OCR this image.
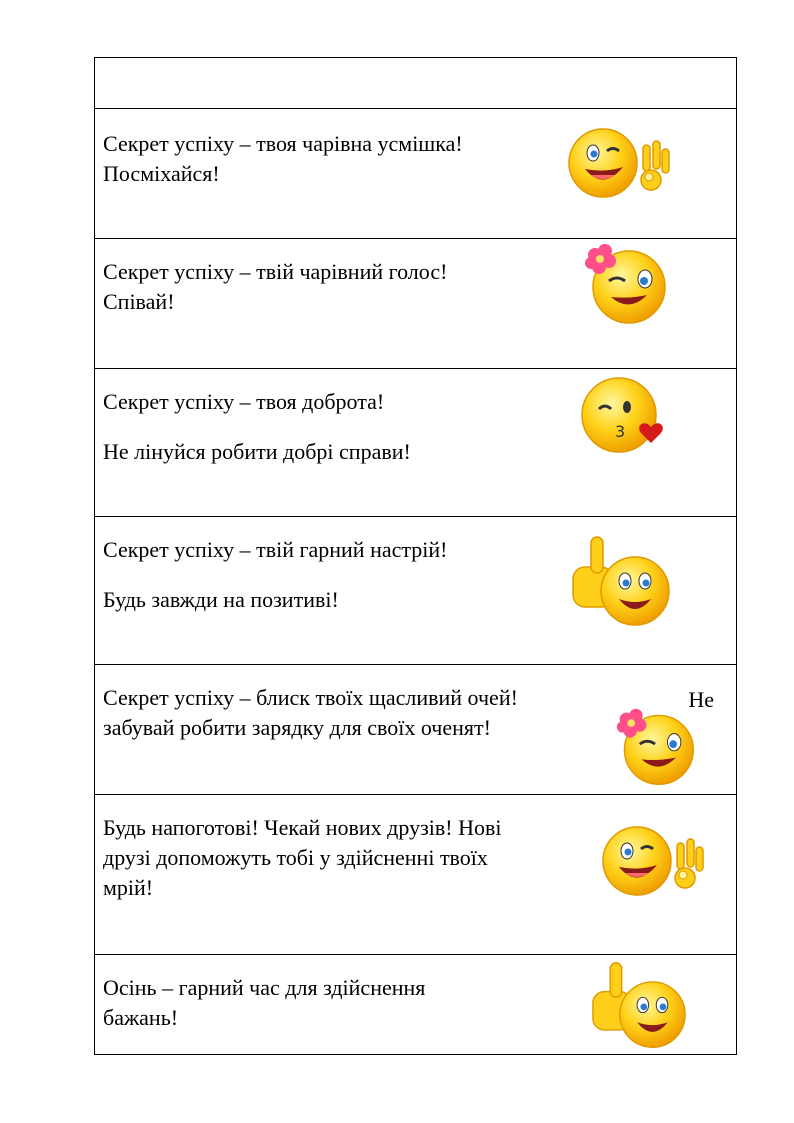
Секрет успіху – твоя чарівна усмішка!

Посміхайся!

Секрет успіху – твій чарівний голос!

Співай!

Секрет успіху – твоя доброта!

Не лінуйся робити добрі справи!

3

Секрет успіху – твій гарний настрій!

Будь завжди на позитиві!

Секрет успіху – блиск твоїх щасливий очей!

забувай робити зарядку для своїх оченят!

Не

Будь напоготові! Чекай нових друзів! Нові

друзі допоможуть тобі у здійсненні твоїх

мрій!

Осінь – гарний час для здійснення

бажань!
